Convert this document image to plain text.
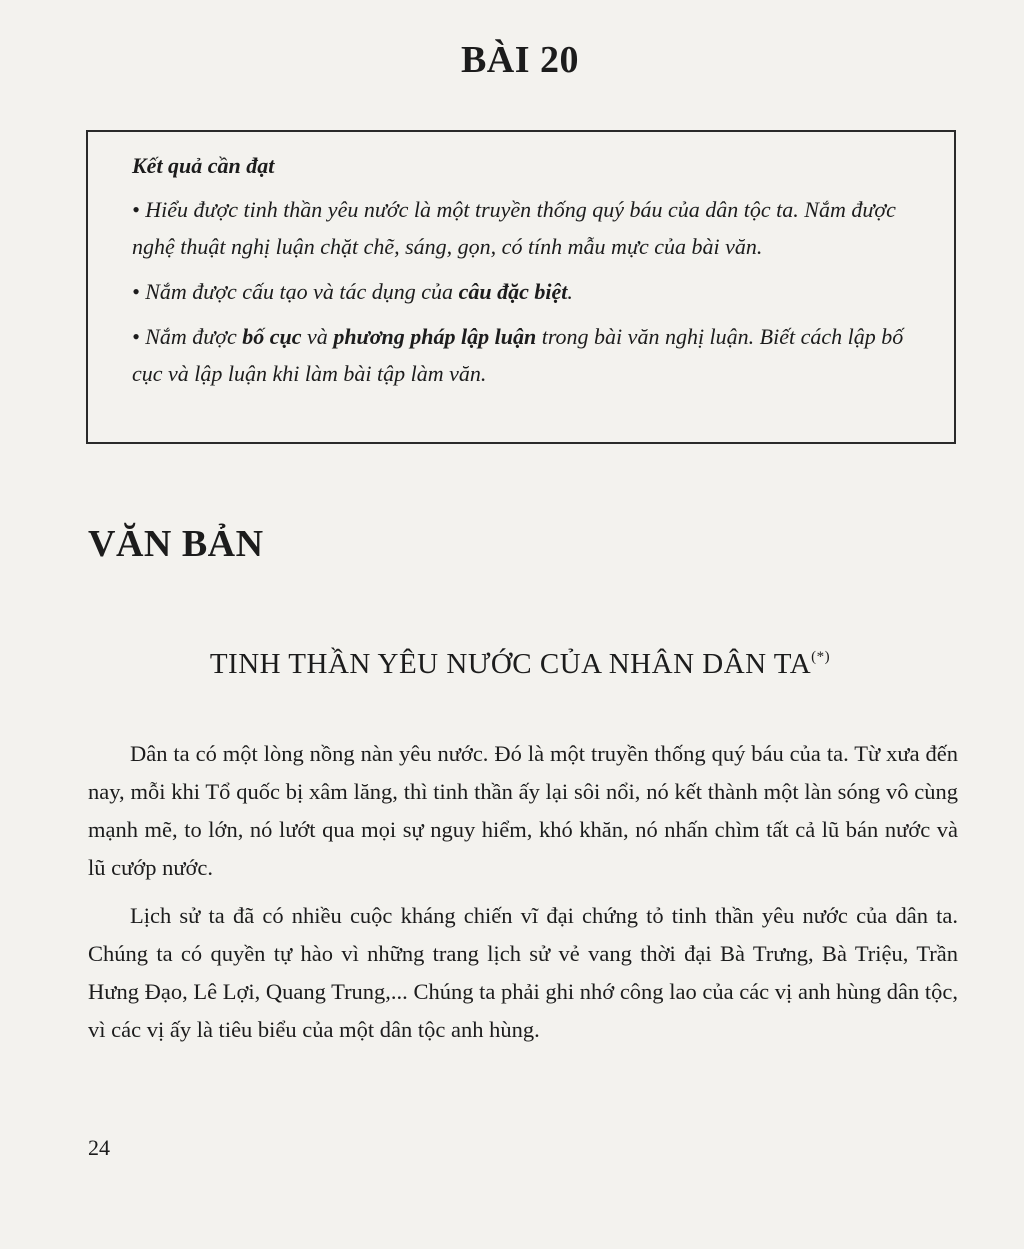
BÀI 20
Kết quả cần đạt
• Hiểu được tinh thần yêu nước là một truyền thống quý báu của dân tộc ta. Nắm được nghệ thuật nghị luận chặt chẽ, sáng, gọn, có tính mẫu mực của bài văn.
• Nắm được cấu tạo và tác dụng của câu đặc biệt.
• Nắm được bố cục và phương pháp lập luận trong bài văn nghị luận. Biết cách lập bố cục và lập luận khi làm bài tập làm văn.
VĂN BẢN
TINH THẦN YÊU NƯỚC CỦA NHÂN DÂN TA(*)

Dân ta có một lòng nồng nàn yêu nước. Đó là một truyền thống quý báu của ta. Từ xưa đến nay, mỗi khi Tổ quốc bị xâm lăng, thì tinh thần ấy lại sôi nổi, nó kết thành một làn sóng vô cùng mạnh mẽ, to lớn, nó lướt qua mọi sự nguy hiểm, khó khăn, nó nhấn chìm tất cả lũ bán nước và lũ cướp nước.

Lịch sử ta đã có nhiều cuộc kháng chiến vĩ đại chứng tỏ tinh thần yêu nước của dân ta. Chúng ta có quyền tự hào vì những trang lịch sử vẻ vang thời đại Bà Trưng, Bà Triệu, Trần Hưng Đạo, Lê Lợi, Quang Trung,... Chúng ta phải ghi nhớ công lao của các vị anh hùng dân tộc, vì các vị ấy là tiêu biểu của một dân tộc anh hùng.

24
